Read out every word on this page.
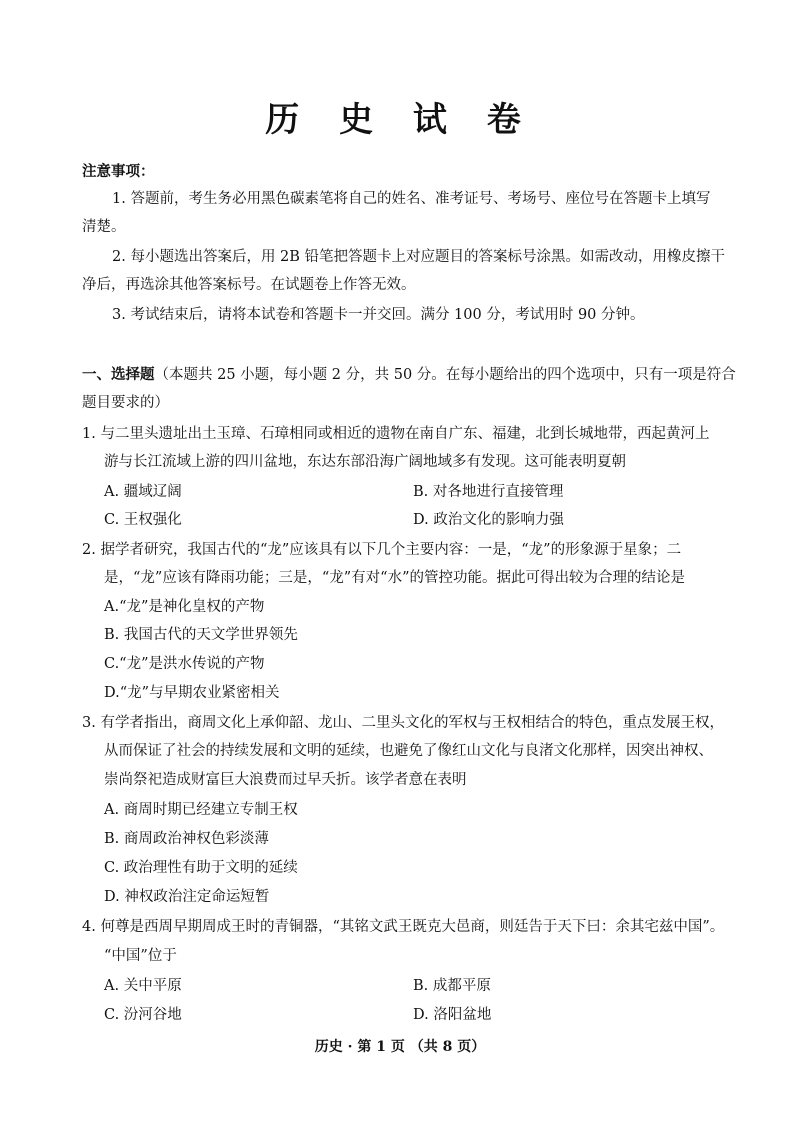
历 史 试 卷
注意事项：
1. 答题前，考生务必用黑色碳素笔将自己的姓名、准考证号、考场号、座位号在答题卡上填写
清楚。
2. 每小题选出答案后，用 2B 铅笔把答题卡上对应题目的答案标号涂黑。如需改动，用橡皮擦干
净后，再选涂其他答案标号。在试题卷上作答无效。
3. 考试结束后，请将本试卷和答题卡一并交回。满分 100 分，考试用时 90 分钟。
一、选择题（本题共 25 小题，每小题 2 分，共 50 分。在每小题给出的四个选项中，只有一项是符合
题目要求的）
1. 与二里头遗址出土玉璋、石璋相同或相近的遗物在南自广东、福建，北到长城地带，西起黄河上
游与长江流域上游的四川盆地，东达东部沿海广阔地域多有发现。这可能表明夏朝
A. 疆域辽阔	B. 对各地进行直接管理
C. 王权强化	D. 政治文化的影响力强
2. 据学者研究，我国古代的“龙”应该具有以下几个主要内容：一是，“龙”的形象源于星象；二
是，“龙”应该有降雨功能；三是，“龙”有对“水”的管控功能。据此可得出较为合理的结论是
A.“龙”是神化皇权的产物
B. 我国古代的天文学世界领先
C.“龙”是洪水传说的产物
D.“龙”与早期农业紧密相关
3. 有学者指出，商周文化上承仰韶、龙山、二里头文化的军权与王权相结合的特色，重点发展王权，
从而保证了社会的持续发展和文明的延续，也避免了像红山文化与良渚文化那样，因突出神权、
崇尚祭祀造成财富巨大浪费而过早夭折。该学者意在表明
A. 商周时期已经建立专制王权
B. 商周政治神权色彩淡薄
C. 政治理性有助于文明的延续
D. 神权政治注定命运短暂
4. 何尊是西周早期周成王时的青铜器，“其铭文武王既克大邑商，则廷告于天下曰：余其宅兹中国”。
“中国”位于
A. 关中平原	B. 成都平原
C. 汾河谷地	D. 洛阳盆地
历史 · 第 1 页 （共 8 页）
